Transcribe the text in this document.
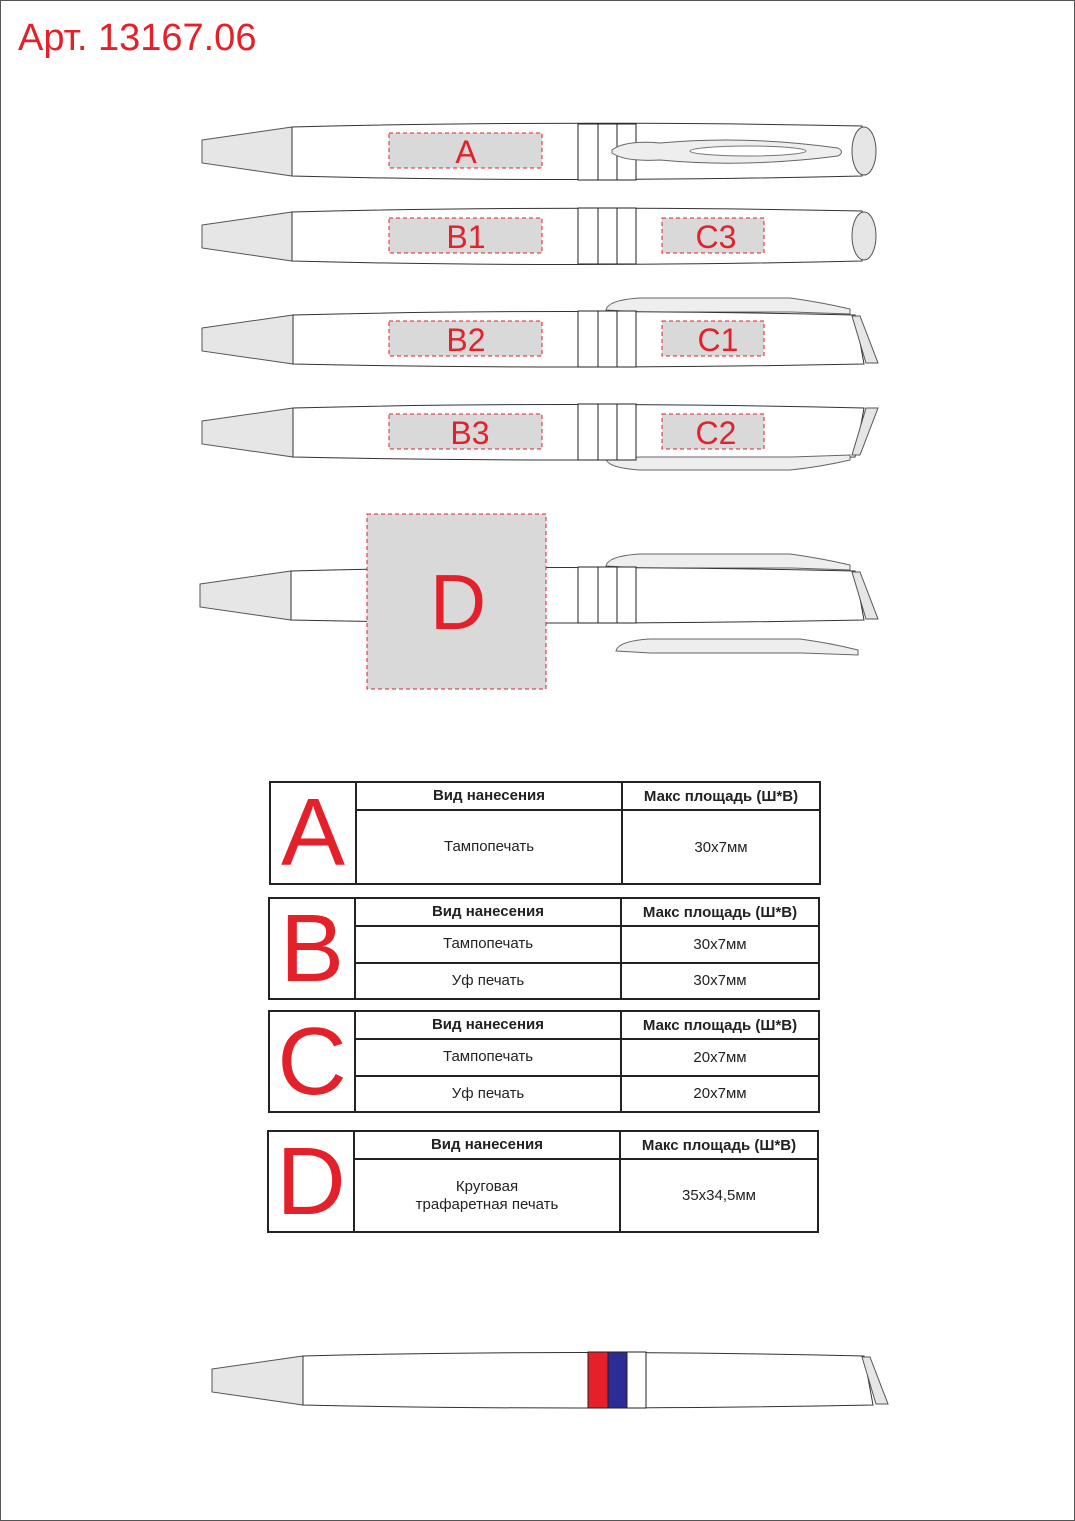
Арт. 13167.06
A
B1	C3
B2	C1
B3	C2
D
A	Вид нанесения	Макс площадь (Ш*В)
Тампопечать	30x7мм
B	Вид нанесения	Макс площадь (Ш*В)
Тампопечать	30x7мм
Уф печать	30x7мм
C	Вид нанесения	Макс площадь (Ш*В)
Тампопечать	20x7мм
Уф печать	20x7мм
D	Вид нанесения	Макс площадь (Ш*В)
Круговая
трафаретная печать	35x34,5мм
